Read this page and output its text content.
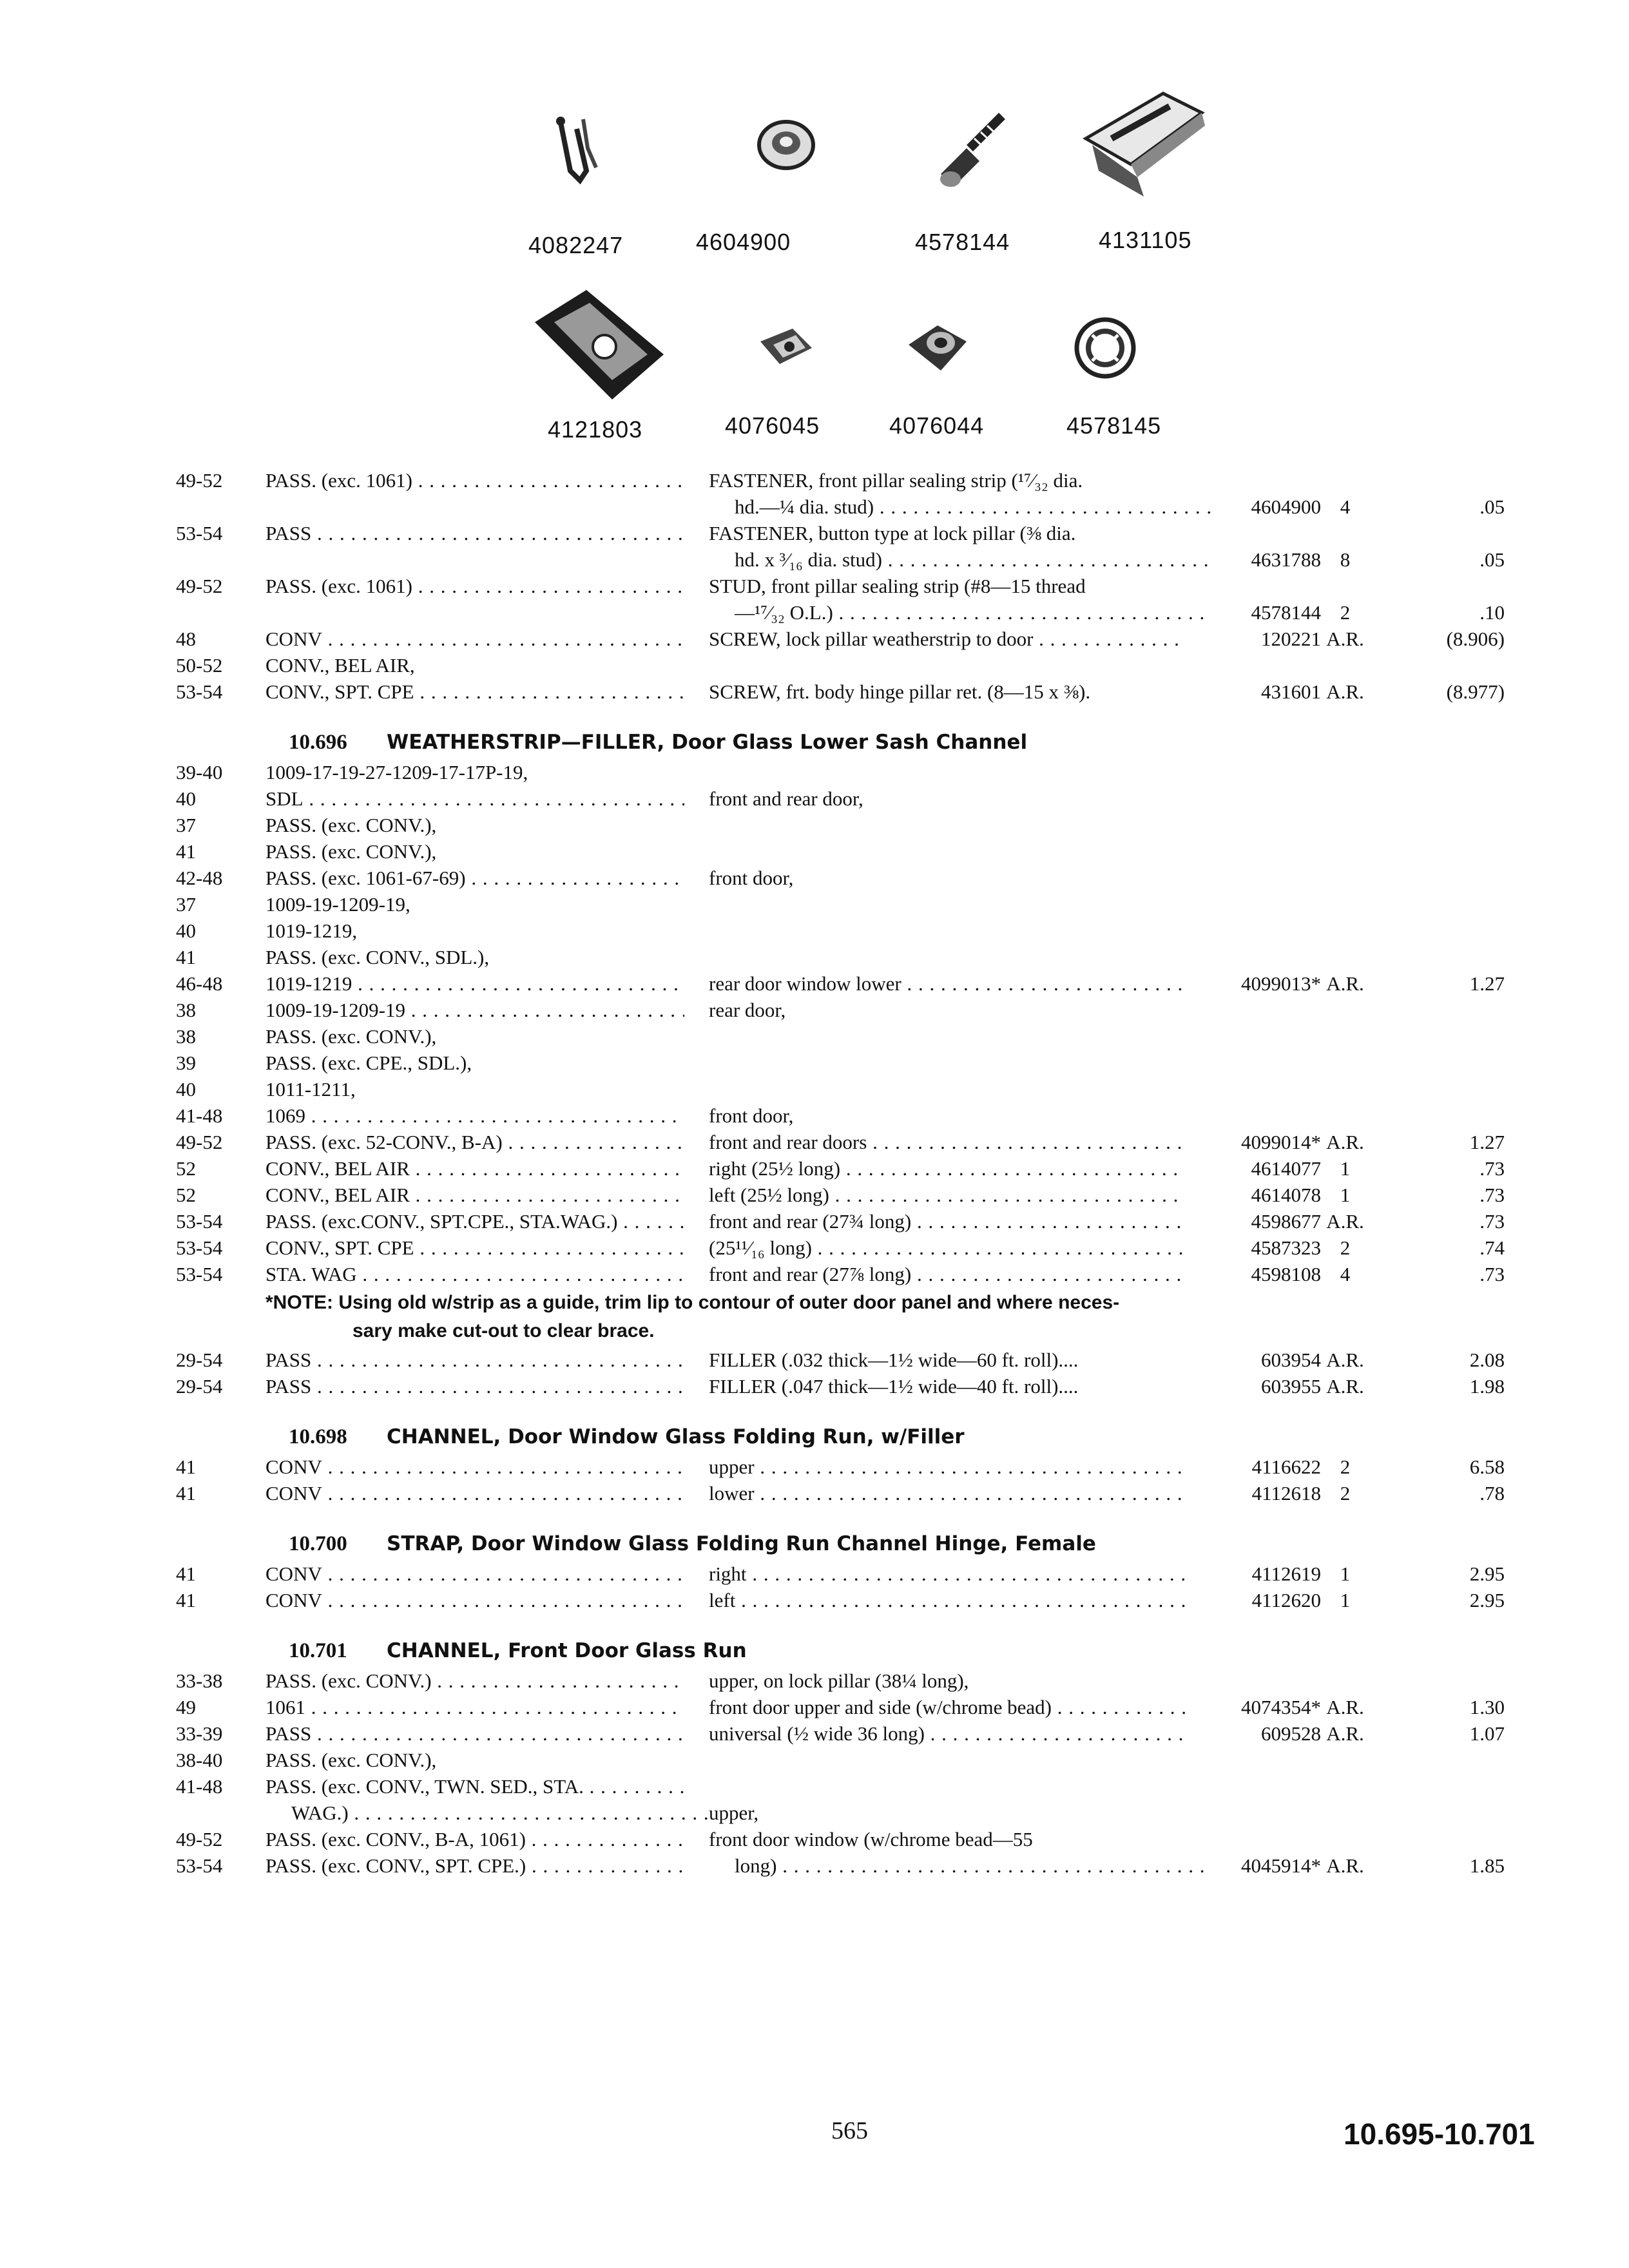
4082247	4604900	4578144	4131105
4121803	4076045	4076044	4578145
49-52	PASS. (exc. 1061) . . .	FASTENER, front pillar sealing strip (¹⁷⁄₃₂ dia.
hd.—¼ dia. stud) . . .	4604900 4	.05
53-54	PASS . . .	FASTENER, button type at lock pillar (⅜ dia.
hd. x ³⁄₁₆ dia. stud) . . .	4631788 8	.05
49-52	PASS. (exc. 1061) . . .	STUD, front pillar sealing strip (#8—15 thread
—¹⁷⁄₃₂ O.L.) . . .	4578144 2	.10
48	CONV . . .	SCREW, lock pillar weatherstrip to door . . .	120221 A.R.	(8.906)
50-52	CONV., BEL AIR,
53-54	CONV., SPT. CPE . . .	SCREW, frt. body hinge pillar ret. (8—15 x ⅜).	431601 A.R.	(8.977)
10.696 WEATHERSTRIP—FILLER, Door Glass Lower Sash Channel
39-40	1009-17-19-27-1209-17-17P-19,
40	SDL . . .	front and rear door,
37	PASS. (exc. CONV.),
41	PASS. (exc. CONV.),
42-48	PASS. (exc. 1061-67-69) . . .	front door,
37	1009-19-1209-19,
40	1019-1219,
41	PASS. (exc. CONV., SDL.),
46-48	1019-1219 . . .	rear door window lower . . .	4099013* A.R.	1.27
38	1009-19-1209-19 . . .	rear door,
38	PASS. (exc. CONV.),
39	PASS. (exc. CPE., SDL.),
40	1011-1211,
41-48	1069 . . .	front door,
49-52	PASS. (exc. 52-CONV., B-A) . . .	front and rear doors . . .	4099014* A.R.	1.27
52	CONV., BEL AIR . . .	right (25½ long) . . .	4614077 1	.73
52	CONV., BEL AIR . . .	left (25½ long) . . .	4614078 1	.73
53-54	PASS. (exc.CONV., SPT.CPE., STA.WAG.) . . .	front and rear (27¾ long) . . .	4598677 A.R.	.73
53-54	CONV., SPT. CPE . . .	(25¹¹⁄₁₆ long) . . .	4587323 2	.74
53-54	STA. WAG . . .	front and rear (27⅞ long) . . .	4598108 4	.73
*NOTE: Using old w/strip as a guide, trim lip to contour of outer door panel and where neces-
sary make cut-out to clear brace.
29-54	PASS . . .	FILLER (.032 thick—1½ wide—60 ft. roll)....	603954 A.R.	2.08
29-54	PASS . . .	FILLER (.047 thick—1½ wide—40 ft. roll)....	603955 A.R.	1.98
10.698 CHANNEL, Door Window Glass Folding Run, w/Filler
41	CONV . . .	upper . . .	4116622 2	6.58
41	CONV . . .	lower . . .	4112618 2	.78
10.700 STRAP, Door Window Glass Folding Run Channel Hinge, Female
41	CONV . . .	right . . .	4112619 1	2.95
41	CONV . . .	left . . .	4112620 1	2.95
10.701 CHANNEL, Front Door Glass Run
33-38	PASS. (exc. CONV.) . . .	upper, on lock pillar (38¼ long),
49	1061 . . .	front door upper and side (w/chrome bead) . . .	4074354* A.R.	1.30
33-39	PASS . . .	universal (½ wide 36 long) . . .	609528 A.R.	1.07
38-40	PASS. (exc. CONV.),
41-48	PASS. (exc. CONV., TWN. SED., STA. . . .
WAG.) . . .	upper,
49-52	PASS. (exc. CONV., B-A, 1061) . . .	front door window (w/chrome bead—55
53-54	PASS. (exc. CONV., SPT. CPE.) . . .	long) . . .	4045914* A.R.	1.85
565	10.695-10.701
